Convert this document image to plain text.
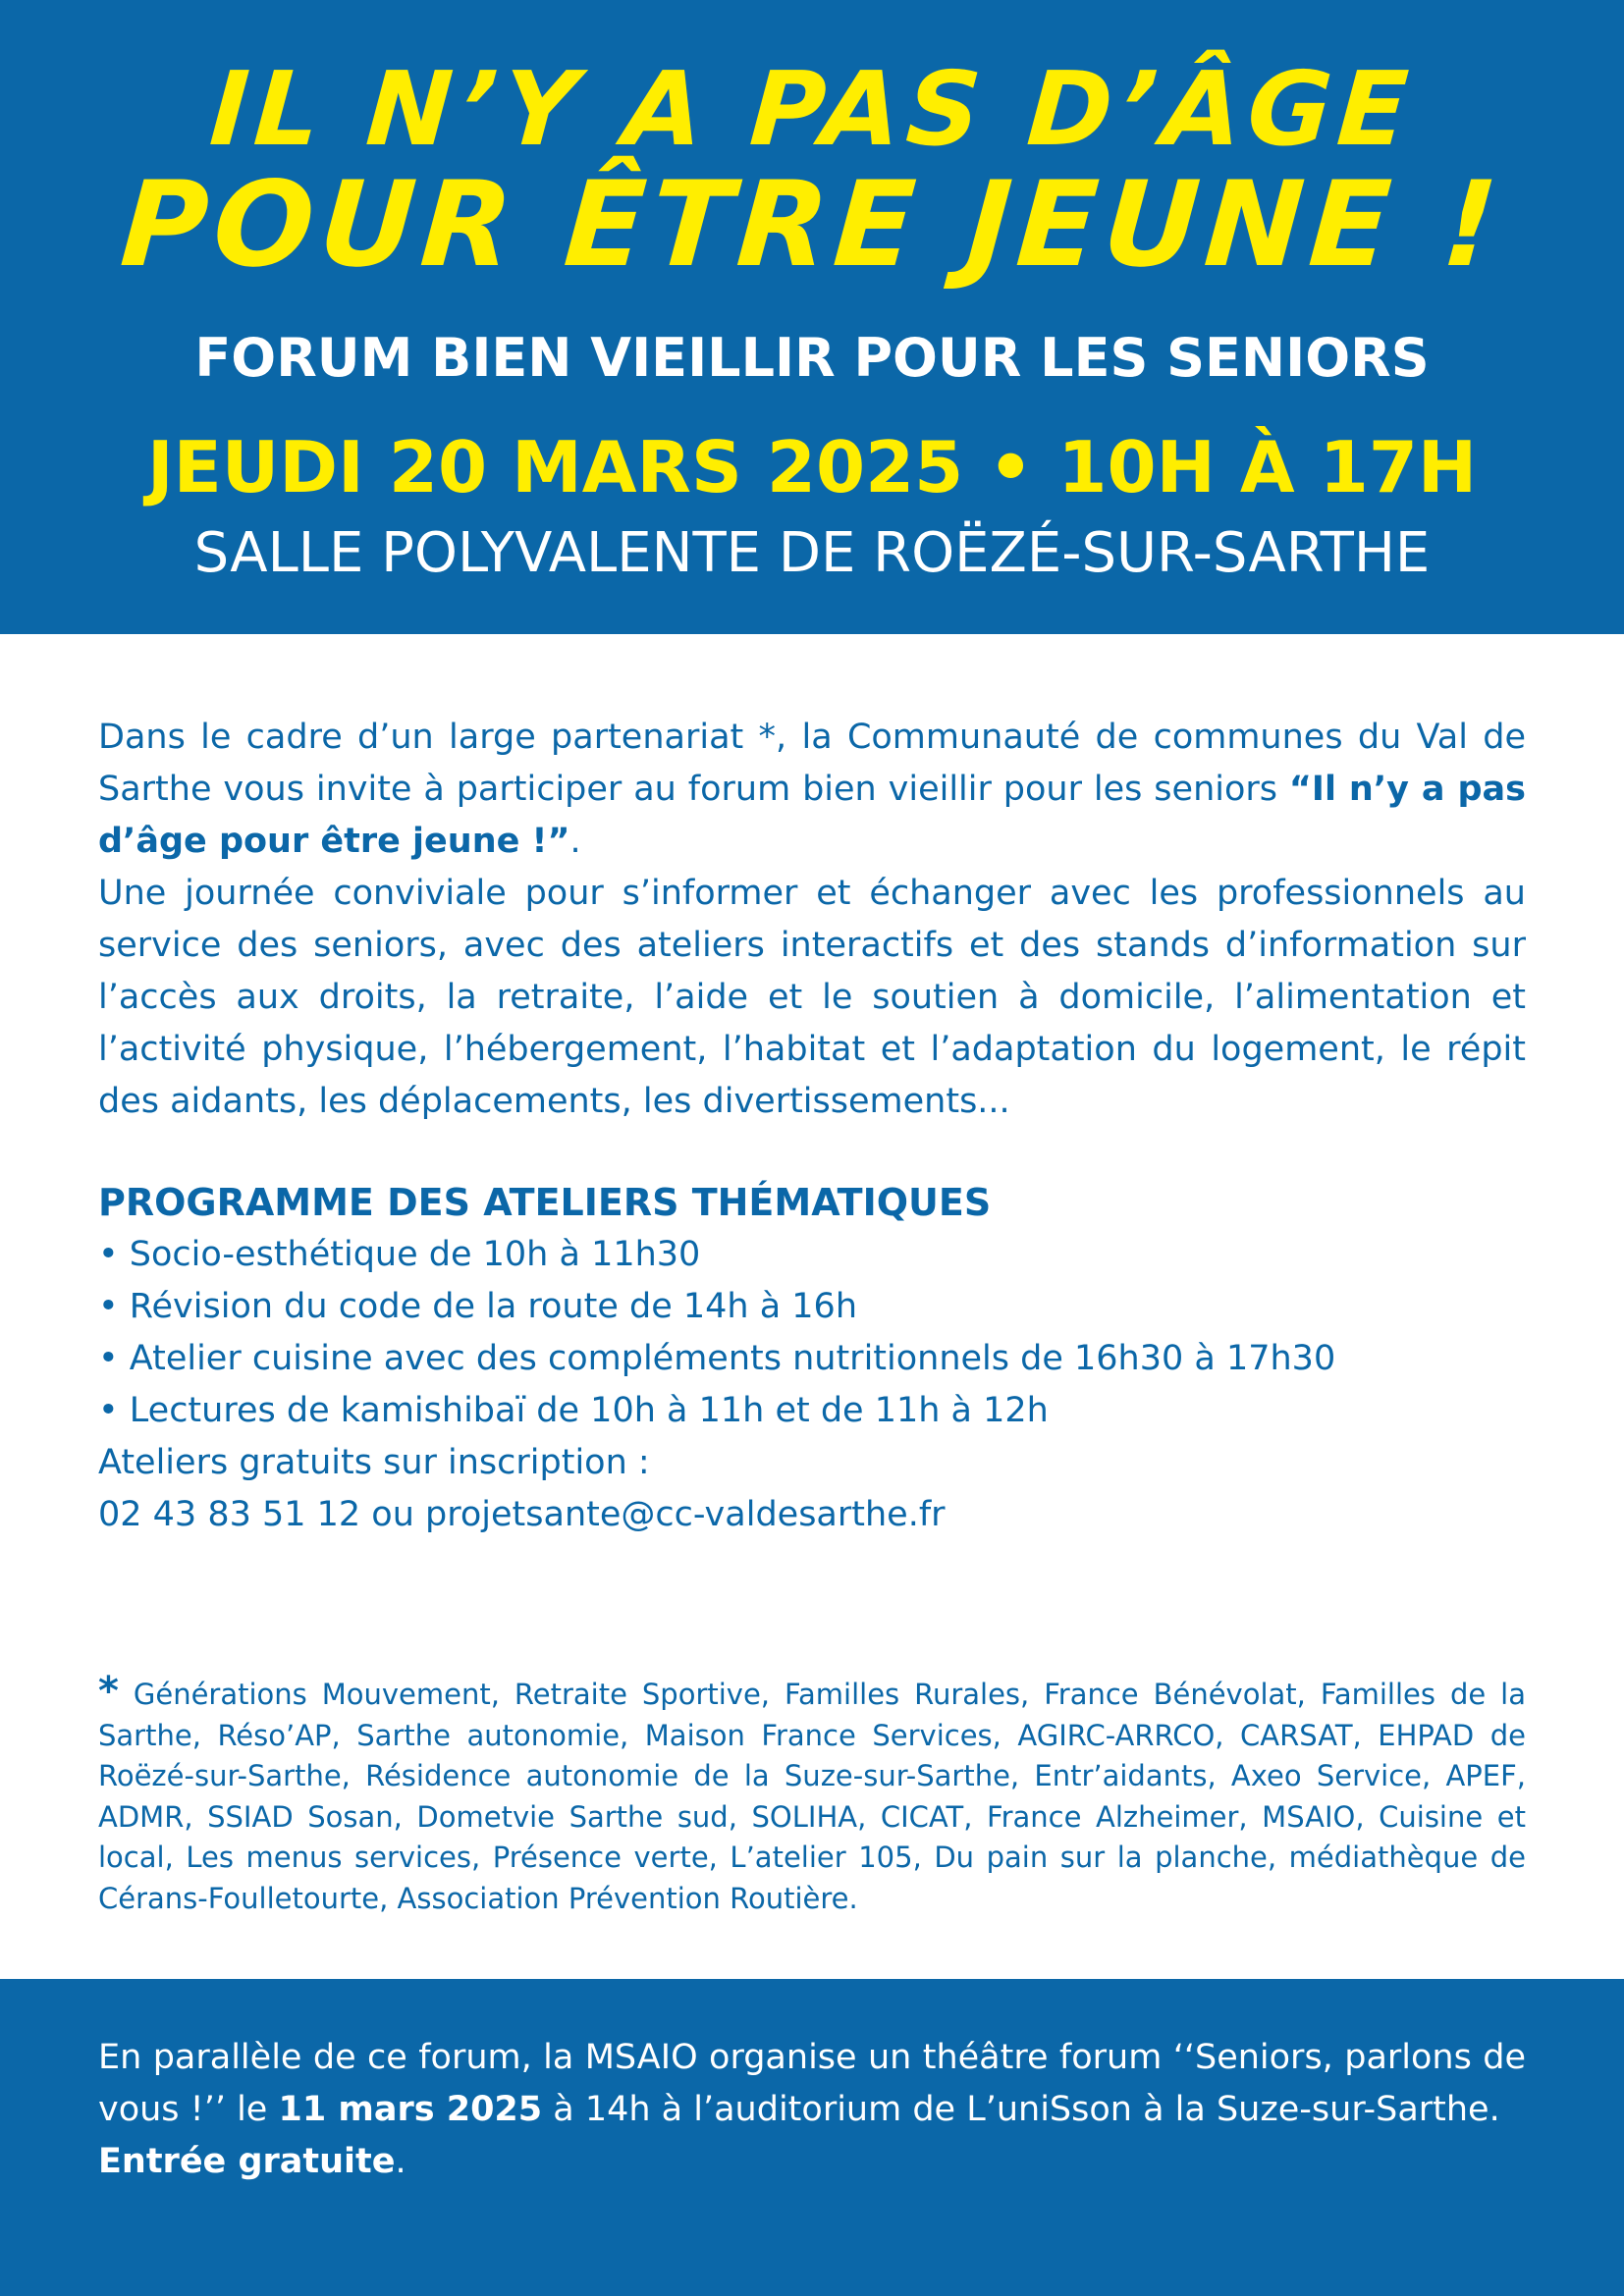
IL N’Y A PAS D’ÂGE
POUR ÊTRE JEUNE !
FORUM BIEN VIEILLIR POUR LES SENIORS
JEUDI 20 MARS 2025 • 10H À 17H
SALLE POLYVALENTE DE ROËZÉ-SUR-SARTHE

Dans le cadre d’un large partenariat *, la Communauté de communes du Val de Sarthe vous invite à participer au forum bien vieillir pour les seniors “Il n’y a pas d’âge pour être jeune !”.

Une journée conviviale pour s’informer et échanger avec les professionnels au service des seniors, avec des ateliers interactifs et des stands d’information sur l’accès aux droits, la retraite, l’aide et le soutien à domicile, l’alimentation et l’activité physique, l’hébergement, l’habitat et l’adaptation du logement, le répit des aidants, les déplacements, les divertissements...

PROGRAMME DES ATELIERS THÉMATIQUES
• Socio-esthétique de 10h à 11h30
• Révision du code de la route de 14h à 16h
• Atelier cuisine avec des compléments nutritionnels de 16h30 à 17h30
• Lectures de kamishibaï de 10h à 11h et de 11h à 12h

Ateliers gratuits sur inscription :

02 43 83 51 12 ou projetsante@cc-valdesarthe.fr

* Générations Mouvement, Retraite Sportive, Familles Rurales, France Bénévolat, Familles de la Sarthe, Réso’AP, Sarthe autonomie, Maison France Services, AGIRC-ARRCO, CARSAT, EHPAD de Roëzé-sur-Sarthe, Résidence autonomie de la Suze-sur-Sarthe, Entr’aidants, Axeo Service, APEF, ADMR, SSIAD Sosan, Dometvie Sarthe sud, SOLIHA, CICAT, France Alzheimer, MSAIO, Cuisine et local, Les menus services, Présence verte, L’atelier 105, Du pain sur la planche, médiathèque de Cérans-Foulletourte, Association Prévention Routière.
En parallèle de ce forum, la MSAIO organise un théâtre forum ‘‘Seniors, parlons de vous !’’ le 11 mars 2025 à 14h à l’auditorium de L’uniSson à la Suze-sur-Sarthe.
Entrée gratuite.
